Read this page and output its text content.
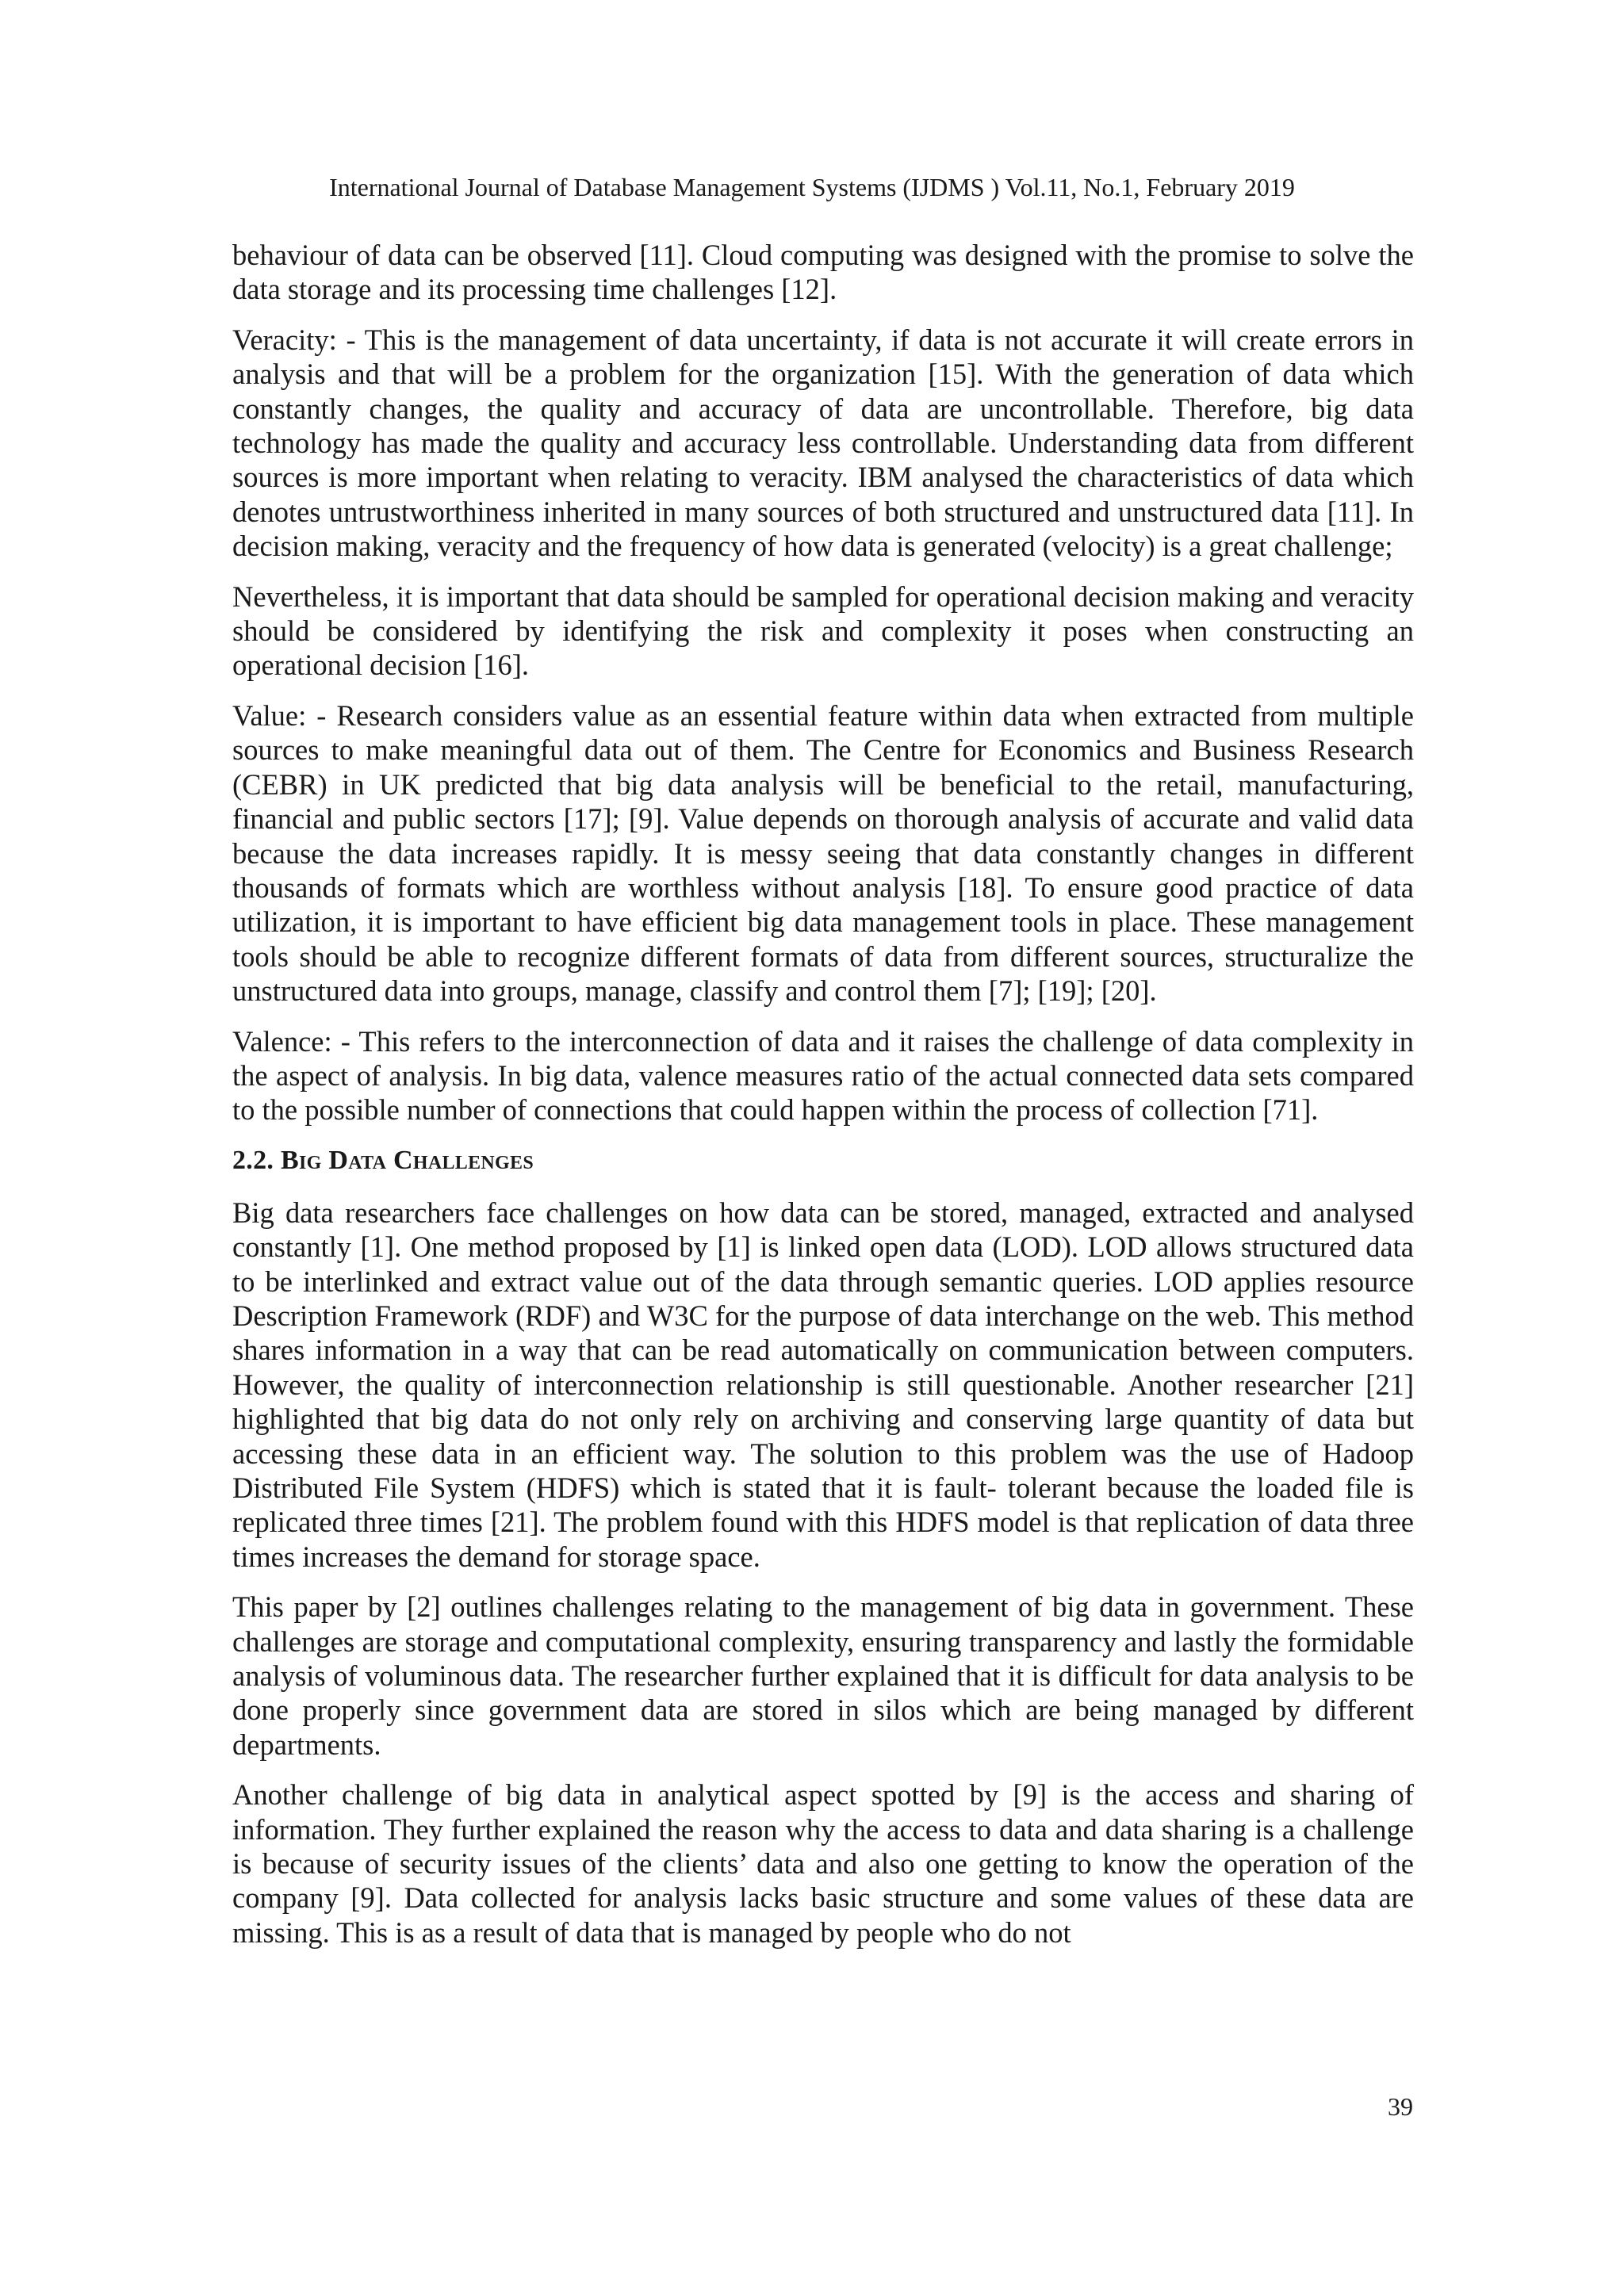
International Journal of Database Management Systems (IJDMS ) Vol.11, No.1, February 2019

behaviour of data can be observed [11]. Cloud computing was designed with the promise to solve the data storage and its processing time challenges [12].

Veracity: - This is the management of data uncertainty, if data is not accurate it will create errors in analysis and that will be a problem for the organization [15]. With the generation of data which constantly changes, the quality and accuracy of data are uncontrollable. Therefore, big data technology has made the quality and accuracy less controllable. Understanding data from different sources is more important when relating to veracity. IBM analysed the characteristics of data which denotes untrustworthiness inherited in many sources of both structured and unstructured data [11]. In decision making, veracity and the frequency of how data is generated (velocity) is a great challenge;

Nevertheless, it is important that data should be sampled for operational decision making and veracity should be considered by identifying the risk and complexity it poses when constructing an operational decision [16].

Value: - Research considers value as an essential feature within data when extracted from multiple sources to make meaningful data out of them. The Centre for Economics and Business Research (CEBR) in UK predicted that big data analysis will be beneficial to the retail, manufacturing, financial and public sectors [17]; [9]. Value depends on thorough analysis of accurate and valid data because the data increases rapidly. It is messy seeing that data constantly changes in different thousands of formats which are worthless without analysis [18]. To ensure good practice of data utilization, it is important to have efficient big data management tools in place. These management tools should be able to recognize different formats of data from different sources, structuralize the unstructured data into groups, manage, classify and control them [7]; [19]; [20].

Valence: - This refers to the interconnection of data and it raises the challenge of data complexity in the aspect of analysis. In big data, valence measures ratio of the actual connected data sets compared to the possible number of connections that could happen within the process of collection [71].

2.2. Big Data Challenges

Big data researchers face challenges on how data can be stored, managed, extracted and analysed constantly [1]. One method proposed by [1] is linked open data (LOD). LOD allows structured data to be interlinked and extract value out of the data through semantic queries. LOD applies resource Description Framework (RDF) and W3C for the purpose of data interchange on the web. This method shares information in a way that can be read automatically on communication between computers. However, the quality of interconnection relationship is still questionable. Another researcher [21] highlighted that big data do not only rely on archiving and conserving large quantity of data but accessing these data in an efficient way. The solution to this problem was the use of Hadoop Distributed File System (HDFS) which is stated that it is fault- tolerant because the loaded file is replicated three times [21]. The problem found with this HDFS model is that replication of data three times increases the demand for storage space.

This paper by [2] outlines challenges relating to the management of big data in government. These challenges are storage and computational complexity, ensuring transparency and lastly the formidable analysis of voluminous data. The researcher further explained that it is difficult for data analysis to be done properly since government data are stored in silos which are being managed by different departments.

Another challenge of big data in analytical aspect spotted by [9] is the access and sharing of information. They further explained the reason why the access to data and data sharing is a challenge is because of security issues of the clients’ data and also one getting to know the operation of the company [9]. Data collected for analysis lacks basic structure and some values of these data are missing. This is as a result of data that is managed by people who do not

39
